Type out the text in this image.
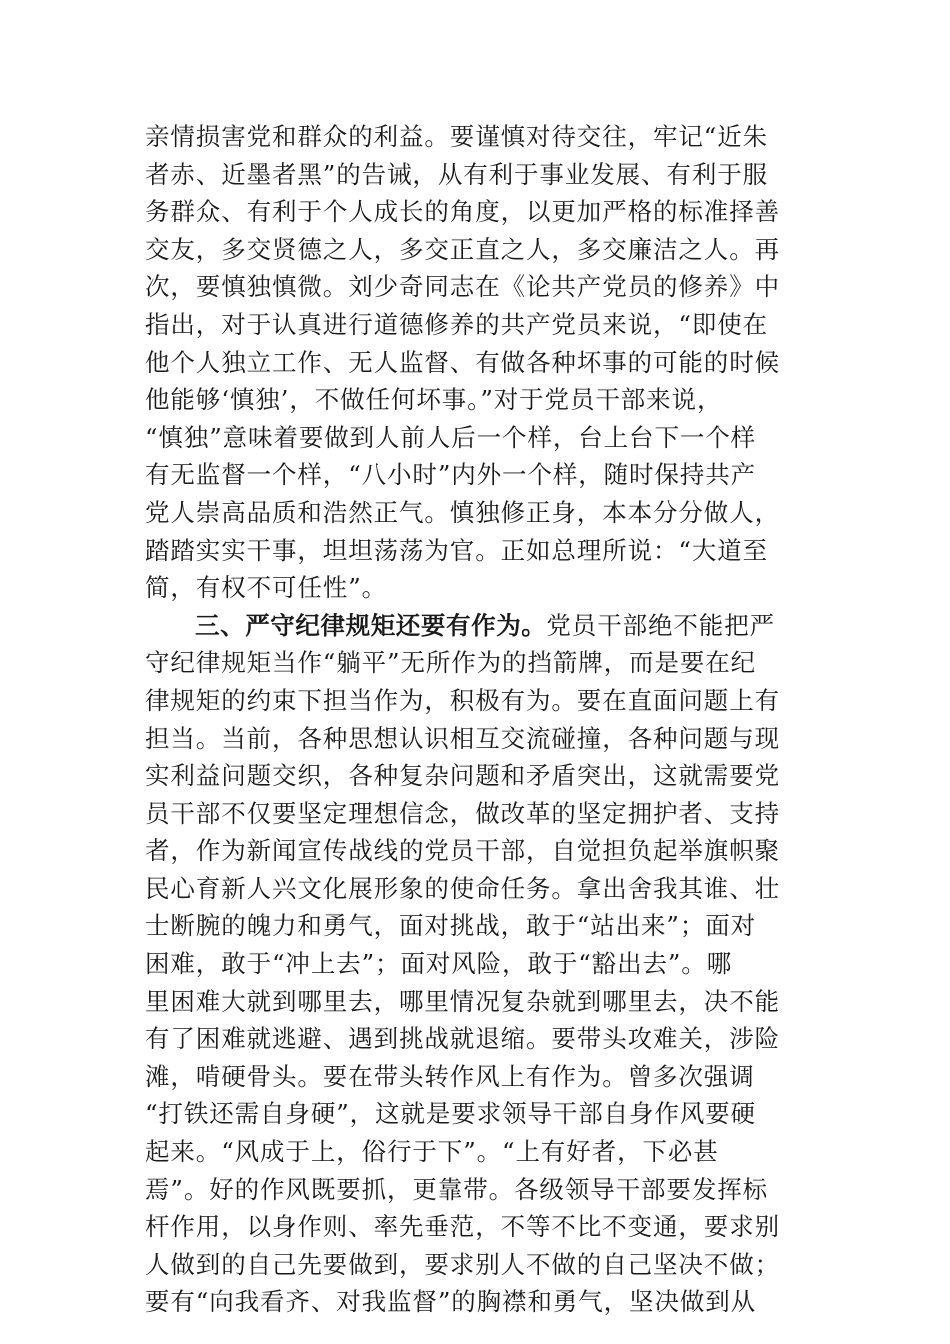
亲情损害党和群众的利益。要谨慎对待交往，牢记“近朱
者赤、近墨者黑”的告诫，从有利于事业发展、有利于服
务群众、有利于个人成长的角度，以更加严格的标准择善
交友，多交贤德之人，多交正直之人，多交廉洁之人。再
次，要慎独慎微。刘少奇同志在《论共产党员的修养》中
指出，对于认真进行道德修养的共产党员来说，“即使在
他个人独立工作、无人监督、有做各种坏事的可能的时候
他能够‘慎独’，不做任何坏事。”对于党员干部来说，
“慎独”意味着要做到人前人后一个样，台上台下一个样
有无监督一个样，“八小时”内外一个样，随时保持共产
党人崇高品质和浩然正气。慎独修正身，本本分分做人，
踏踏实实干事，坦坦荡荡为官。正如总理所说：“大道至
简，有权不可任性”。
三、严守纪律规矩还要有作为。党员干部绝不能把严
守纪律规矩当作“躺平”无所作为的挡箭牌，而是要在纪
律规矩的约束下担当作为，积极有为。要在直面问题上有
担当。当前，各种思想认识相互交流碰撞，各种问题与现
实利益问题交织，各种复杂问题和矛盾突出，这就需要党
员干部不仅要坚定理想信念，做改革的坚定拥护者、支持
者，作为新闻宣传战线的党员干部，自觉担负起举旗帜聚
民心育新人兴文化展形象的使命任务。拿出舍我其谁、壮
士断腕的魄力和勇气，面对挑战，敢于“站出来”；面对
困难，敢于“冲上去”；面对风险，敢于“豁出去”。哪
里困难大就到哪里去，哪里情况复杂就到哪里去，决不能
有了困难就逃避、遇到挑战就退缩。要带头攻难关，涉险
滩，啃硬骨头。要在带头转作风上有作为。曾多次强调
“打铁还需自身硬”，这就是要求领导干部自身作风要硬
起来。“风成于上，俗行于下”。“上有好者，下必甚
焉”。好的作风既要抓，更靠带。各级领导干部要发挥标
杆作用，以身作则、率先垂范，不等不比不变通，要求别
人做到的自己先要做到，要求别人不做的自己坚决不做；
要有“向我看齐、对我监督”的胸襟和勇气，坚决做到从
